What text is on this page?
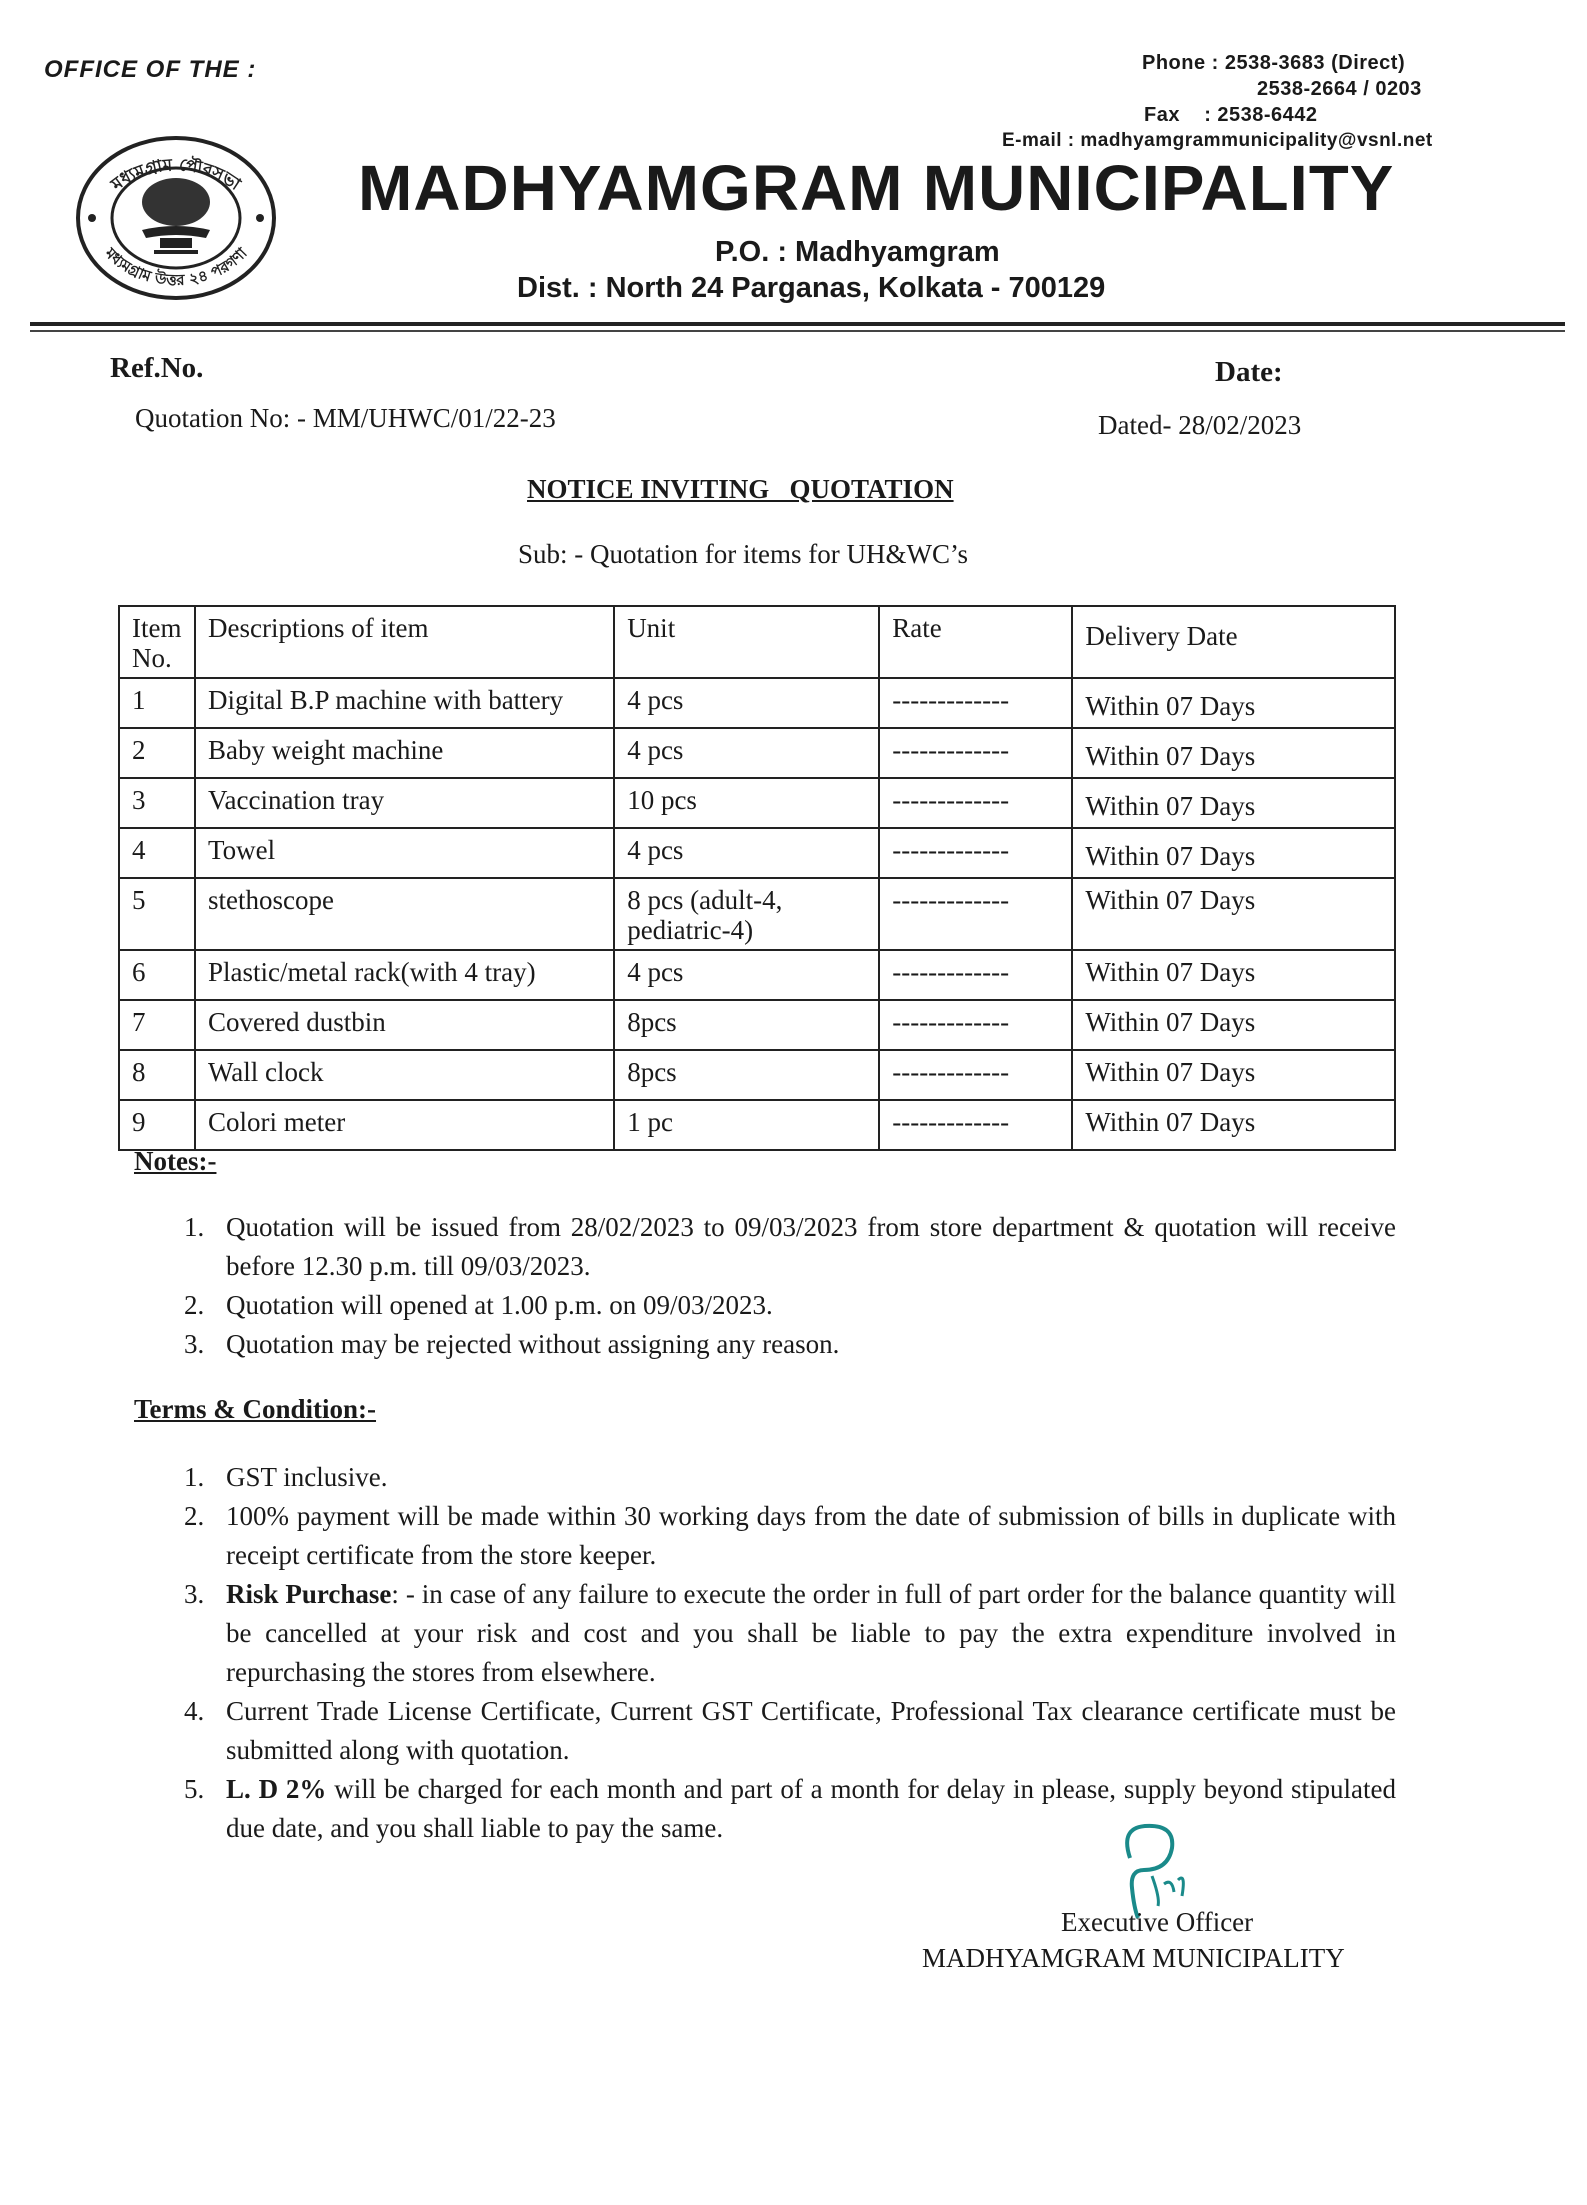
OFFICE OF THE :	Phone : 2538-3683 (Direct)
2538-2664 / 0203
Fax    : 2538-6442
E-mail : madhyamgrammunicipality@vsnl.net
মধ্যমগ্রাম পৌরসভা
মধ্যমগ্রাম উত্তর ২৪ পরগণা
MADHYAMGRAM MUNICIPALITY
P.O. : Madhyamgram
Dist. : North 24 Parganas, Kolkata - 700129
Ref.No.	Date:
Quotation No: - MM/UHWC/01/22-23	Dated- 28/02/2023
NOTICE INVITING   QUOTATION
Sub: - Quotation for items for UH&WC’s
Item No.	Descriptions of item	Unit	Rate	Delivery Date
1	Digital B.P machine with battery	4 pcs	-------------	Within 07 Days
2	Baby weight machine	4 pcs	-------------	Within 07 Days
3	Vaccination tray	10 pcs	-------------	Within 07 Days
4	Towel	4 pcs	-------------	Within 07 Days
5	stethoscope	8 pcs (adult-4, pediatric-4)	-------------	Within 07 Days
6	Plastic/metal rack(with 4 tray)	4 pcs	-------------	Within 07 Days
7	Covered dustbin	8pcs	-------------	Within 07 Days
8	Wall clock	8pcs	-------------	Within 07 Days
9	Colori meter	1 pc	-------------	Within 07 Days
Notes:-
1. Quotation will be issued from 28/02/2023 to 09/03/2023 from store department & quotation will receive before 12.30 p.m. till 09/03/2023.
2. Quotation will opened at 1.00 p.m. on 09/03/2023.
3. Quotation may be rejected without assigning any reason.
Terms & Condition:-
1. GST inclusive.
2. 100% payment will be made within 30 working days from the date of submission of bills in duplicate with receipt certificate from the store keeper.
3. Risk Purchase: - in case of any failure to execute the order in full of part order for the balance quantity will be cancelled at your risk and cost and you shall be liable to pay the extra expenditure involved in repurchasing the stores from elsewhere.
4. Current Trade License Certificate, Current GST Certificate, Professional Tax clearance certificate must be submitted along with quotation.
5. L. D 2% will be charged for each month and part of a month for delay in please, supply beyond stipulated due date, and you shall liable to pay the same.
Executive Officer
MADHYAMGRAM MUNICIPALITY
